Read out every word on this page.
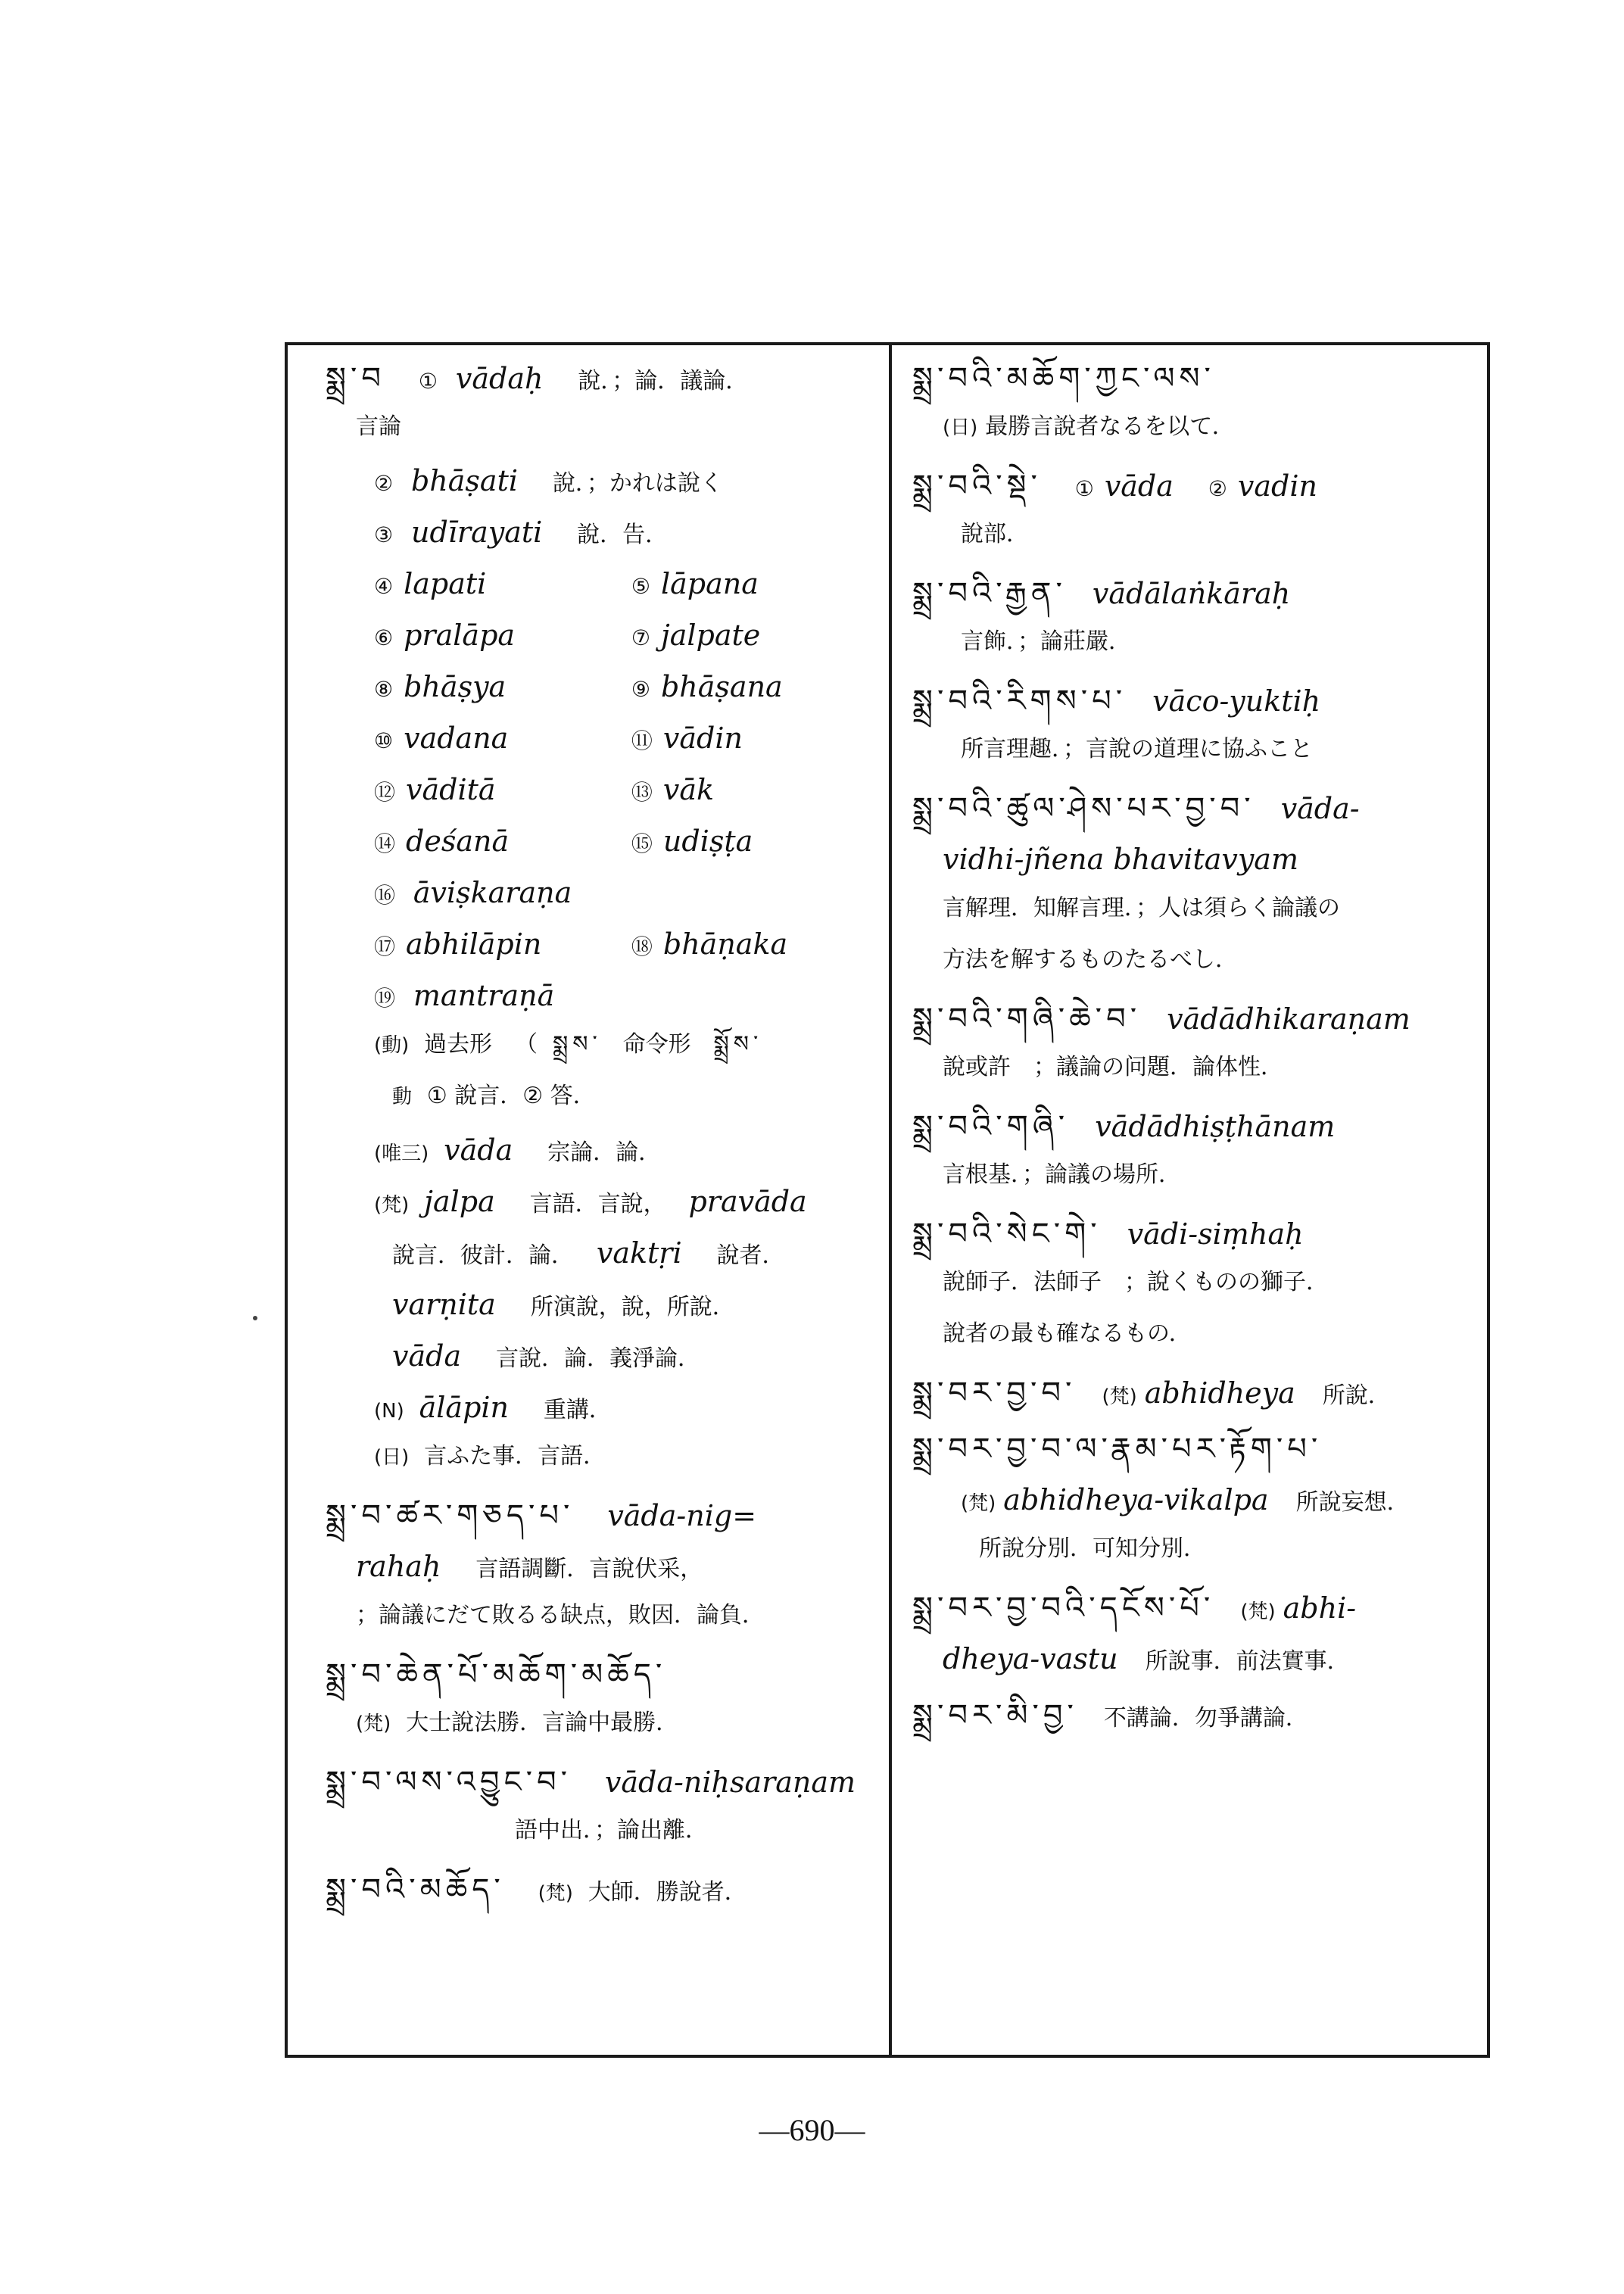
སྨྲ་བ ① vādaḥ 說．；論．議論．
言論
② bhāṣati 說．；かれは說く
③ udīrayati 說．告．
④ lapati	⑤ lāpana
⑥ pralāpa	⑦ jalpate
⑧ bhāṣya	⑨ bhāṣana
⑩ vadana	⑪ vādin
⑫ vāditā	⑬ vāk
⑭ deśanā	⑮ udiṣṭa
⑯ āviṣkaraṇa
⑰ abhilāpin	⑱ bhāṇaka
⑲ mantraṇā
(動) 過去形 （ སྨྲས་ 命令形 སྨྲོས་
動 ① 說言．② 答．
(唯三) vāda 宗論．論．
(梵) jalpa 言語．言說， pravāda
說言．彼計．論． vaktṛi 說者．
varṇita 所演說，說，所說．
vāda 言說．論．義淨論．
(N) ālāpin 重講．
(日) 言ふた事．言語．
སྨྲ་བ་ཚར་གཅད་པ་ vāda-nig=
rahaḥ 言語調斷．言說伏采，
；論議にだて敗るる缺点，敗因．論負．
སྨྲ་བ་ཆེན་པོ་མཆོག་མཆོད་
(梵) 大士說法勝．言論中最勝．
སྨྲ་བ་ལས་འབྱུང་བ་ vāda-niḥsaraṇam
語中出．；論出離．
སྨྲ་བའི་མཆོད་ (梵) 大師．勝說者．
སྨྲ་བའི་མཆོག་ཀྱང་ལས་
(日) 最勝言說者なるを以て．
སྨྲ་བའི་སྡེ་ ① vāda ② vadin
說部．
སྨྲ་བའི་རྒྱན་ vādālaṅkāraḥ
言飾．；論莊嚴．
སྨྲ་བའི་རིགས་པ་ vāco-yuktiḥ
所言理趣．；言說の道理に協ふこと
སྨྲ་བའི་ཚུལ་ཤེས་པར་བྱ་བ་ vāda-
vidhi-jñena bhavitavyam
言解理．知解言理．；人は須らく論議の
方法を解するものたるべし．
སྨྲ་བའི་གཞི་ཆེ་བ་ vādādhikaraṇam
說或許　；議論の问題．論体性．
སྨྲ་བའི་གཞི་ vādādhiṣṭhānam
言根基．；論議の場所．
སྨྲ་བའི་སེང་གེ་ vādi-siṃhaḥ
說師子．法師子　；說くものの獅子．
說者の最も確なるもの．
སྨྲ་བར་བྱ་བ་ (梵) abhidheya 所說．
སྨྲ་བར་བྱ་བ་ལ་རྣམ་པར་རྟོག་པ་
(梵) abhidheya-vikalpa 所說妄想．
所說分別．可知分別．
སྨྲ་བར་བྱ་བའི་དངོས་པོ་ (梵) abhi-
dheya-vastu 所說事．前法實事．
སྨྲ་བར་མི་བྱ་ 不講論．勿爭講論．
—690—
